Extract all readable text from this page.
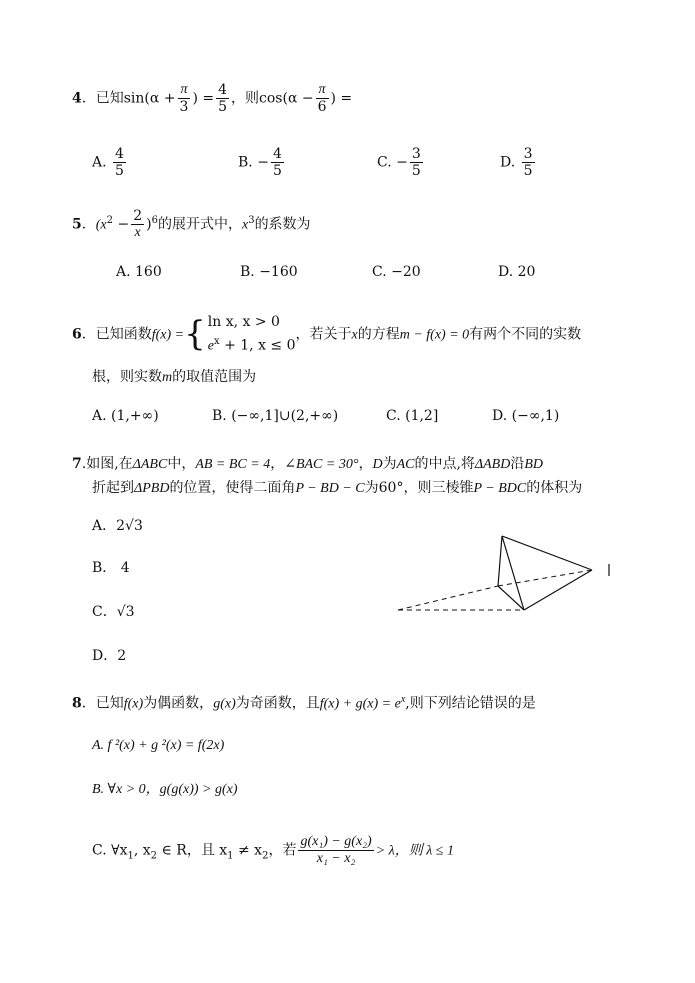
4．已知$\sin(\alpha + \frac{\pi}{3}$ ) = $\frac{4}{5}$ ，则$\cos(\alpha - \frac{\pi}{6}$ ) =
A. $\frac{4}{5}$	B. − $\frac{4}{5}$	C. − $\frac{3}{5}$	D. $\frac{3}{5}$
5．$(x^2 - \frac{2}{x} )^6$的展开式中，$x^3$的系数为
A. 160	B. −160	C. −20	D. 20
6．已知函数f(x) ={ ln x, x > 0
$e^x + 1$, x ≤ 0
，若关于x的方程m − f(x) = 0有两个不同的实数
根，则实数m的取值范围为
A. (1,+∞)	B. (−∞,1]∪(2,+∞)	C. (1,2]	D. (−∞,1)
7.如图,在ΔABC中，AB = BC = 4，∠BAC = 30°，D为AC的中点,将ΔABD沿BD
折起到ΔPBD的位置，使得二面角P − BD − C为60°，则三棱锥P − BDC的体积为
A．2√3
B． 4
C．√3
D．2
8．已知f(x)为偶函数，g(x)为奇函数，且$f(x) + g(x) = e^x$,则下列结论错误的是
A. f ²(x) + g ²(x) = f(2x)
B. ∀x > 0，g(g(x)) > g(x)
C. $\forall x_1$, $x_2$ ∈ R，且 $x_1 \ne x_2$，若 $\frac{\text{g(x₁) − g(x₂)}}{\text{x₁ − x₂}} > \lambda$，则 λ ≤ 1
